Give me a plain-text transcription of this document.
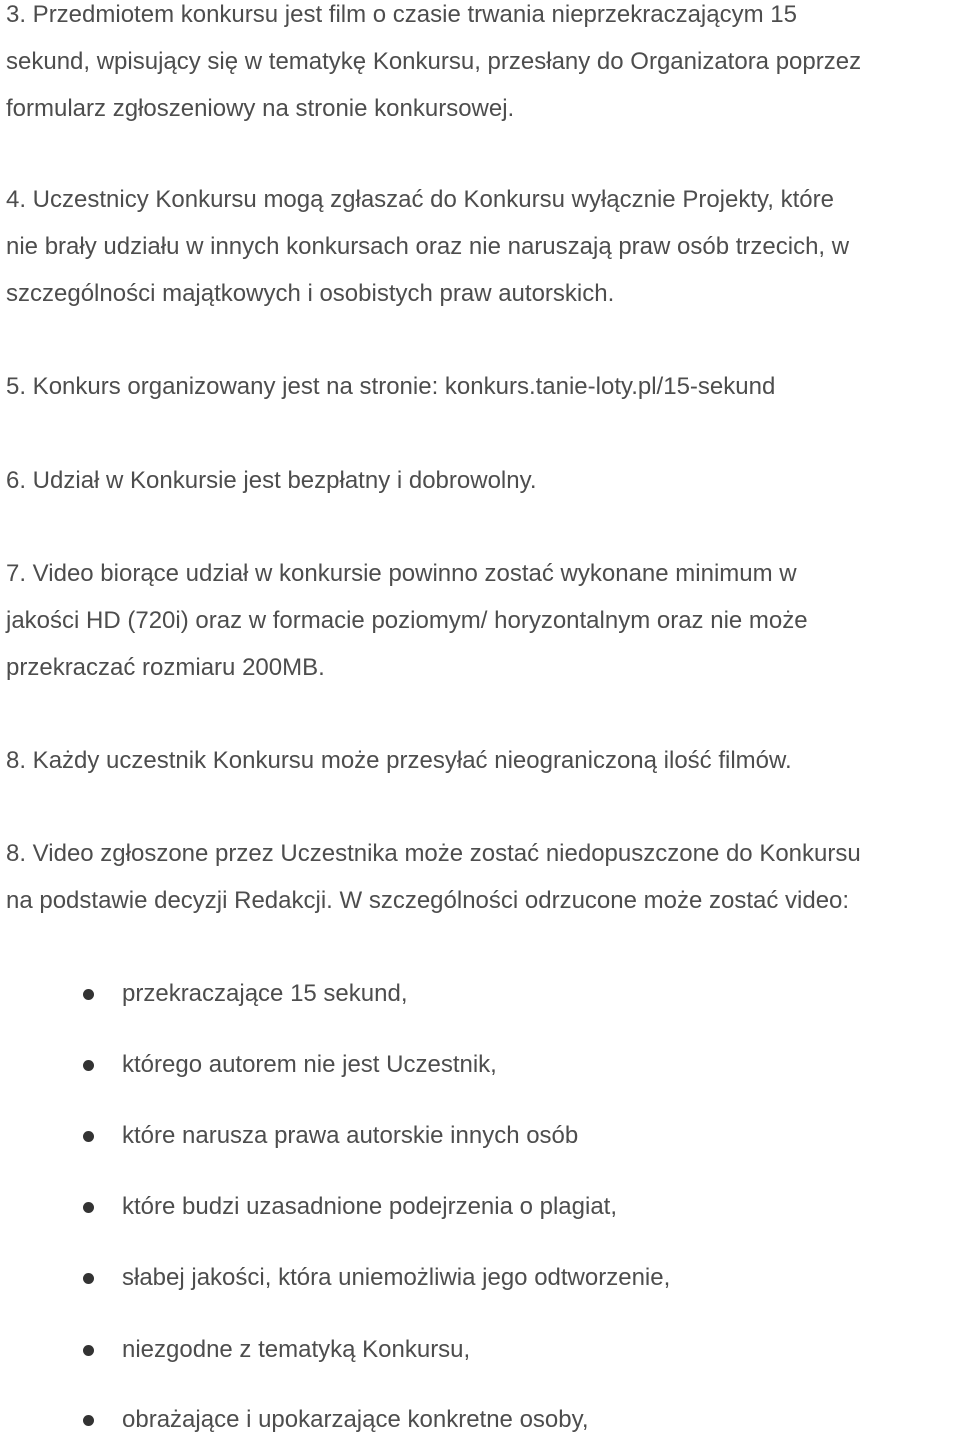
3. Przedmiotem konkursu jest film o czasie trwania nieprzekraczającym 15
sekund, wpisujący się w tematykę Konkursu, przesłany do Organizatora poprzez
formularz zgłoszeniowy na stronie konkursowej.
4. Uczestnicy Konkursu mogą zgłaszać do Konkursu wyłącznie Projekty, które
nie brały udziału w innych konkursach oraz nie naruszają praw osób trzecich, w
szczególności majątkowych i osobistych praw autorskich.
5. Konkurs organizowany jest na stronie: konkurs.tanie-loty.pl/15-sekund
6. Udział w Konkursie jest bezpłatny i dobrowolny.
7. Video biorące udział w konkursie powinno zostać wykonane minimum w
jakości HD (720i) oraz w formacie poziomym/ horyzontalnym oraz nie może
przekraczać rozmiaru 200MB.
8. Każdy uczestnik Konkursu może przesyłać nieograniczoną ilość filmów.
8. Video zgłoszone przez Uczestnika może zostać niedopuszczone do Konkursu
na podstawie decyzji Redakcji. W szczególności odrzucone może zostać video:
przekraczające 15 sekund,
którego autorem nie jest Uczestnik,
które narusza prawa autorskie innych osób
które budzi uzasadnione podejrzenia o plagiat,
słabej jakości, która uniemożliwia jego odtworzenie,
niezgodne z tematyką Konkursu,
obrażające i upokarzające konkretne osoby,
